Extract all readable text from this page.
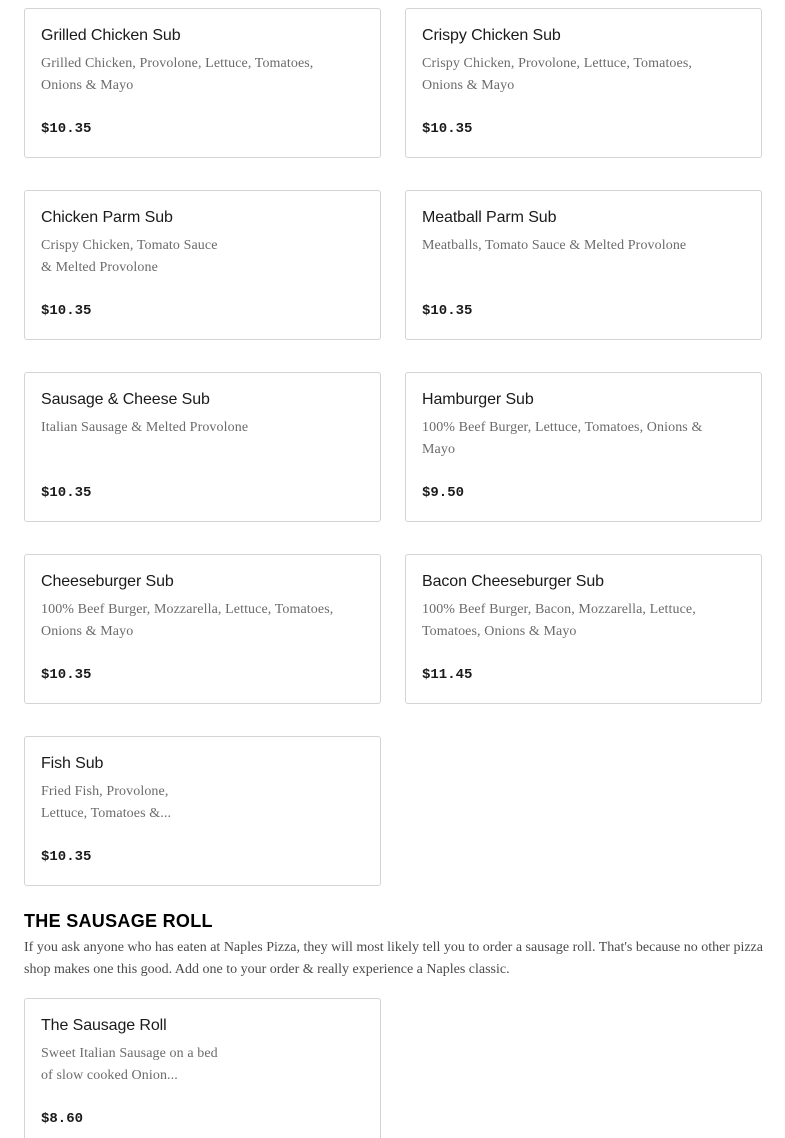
Grilled Chicken Sub
Grilled Chicken, Provolone, Lettuce, Tomatoes, Onions & Mayo
$10.35
Crispy Chicken Sub
Crispy Chicken, Provolone, Lettuce, Tomatoes, Onions & Mayo
$10.35
Chicken Parm Sub
Crispy Chicken, Tomato Sauce & Melted Provolone
$10.35
Meatball Parm Sub
Meatballs, Tomato Sauce & Melted Provolone
$10.35
Sausage & Cheese Sub
Italian Sausage & Melted Provolone
$10.35
Hamburger Sub
100% Beef Burger, Lettuce, Tomatoes, Onions & Mayo
$9.50
Cheeseburger Sub
100% Beef Burger, Mozzarella, Lettuce, Tomatoes, Onions & Mayo
$10.35
Bacon Cheeseburger Sub
100% Beef Burger, Bacon, Mozzarella, Lettuce, Tomatoes, Onions & Mayo
$11.45
Fish Sub
Fried Fish, Provolone, Lettuce, Tomatoes &...
$10.35
THE SAUSAGE ROLL
If you ask anyone who has eaten at Naples Pizza, they will most likely tell you to order a sausage roll. That's because no other pizza shop makes one this good. Add one to your order & really experience a Naples classic.
The Sausage Roll
Sweet Italian Sausage on a bed of slow cooked Onion...
$8.60
